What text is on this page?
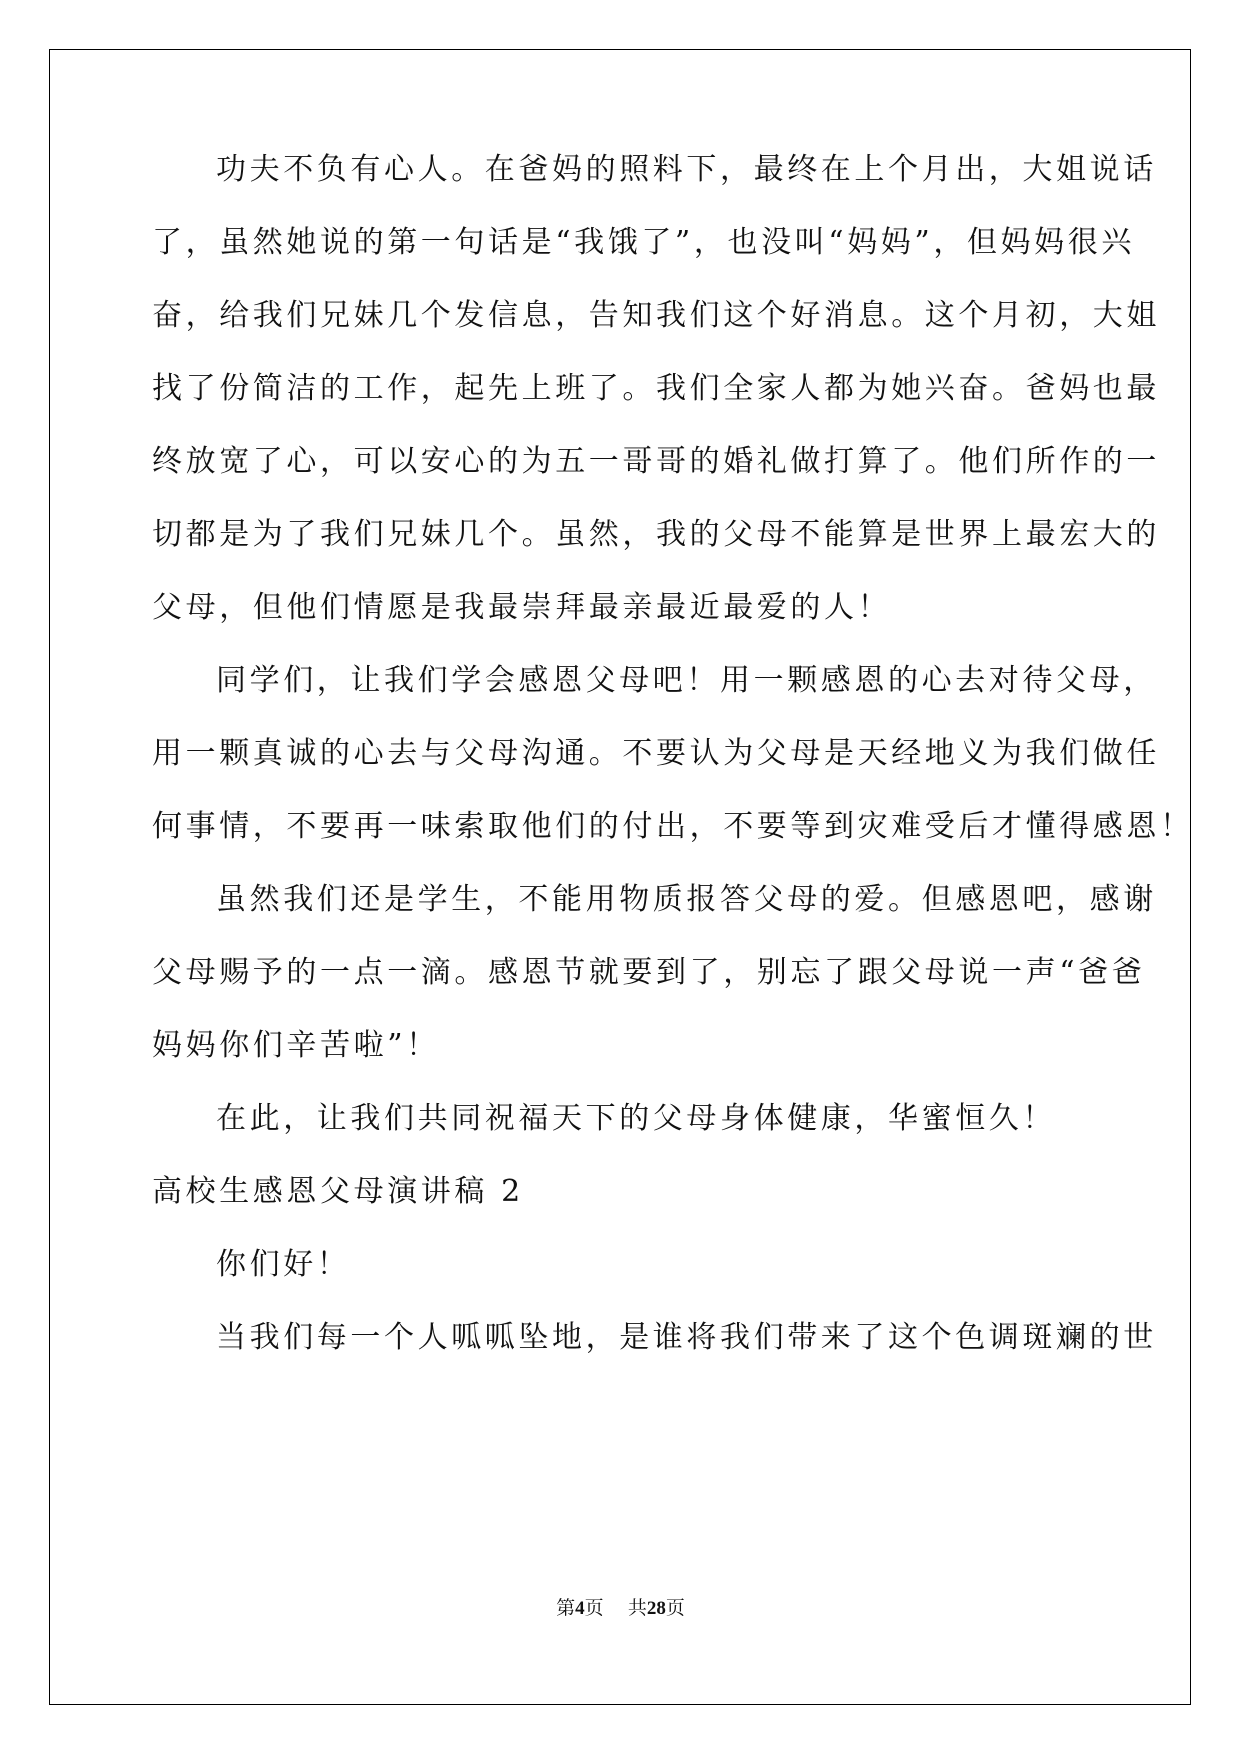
功夫不负有心人。在爸妈的照料下，最终在上个月出，大姐说话

了，虽然她说的第一句话是“我饿了”，也没叫“妈妈”，但妈妈很兴

奋，给我们兄妹几个发信息，告知我们这个好消息。这个月初，大姐

找了份简洁的工作，起先上班了。我们全家人都为她兴奋。爸妈也最

终放宽了心，可以安心的为五一哥哥的婚礼做打算了。他们所作的一

切都是为了我们兄妹几个。虽然，我的父母不能算是世界上最宏大的

父母，但他们情愿是我最崇拜最亲最近最爱的人！

同学们，让我们学会感恩父母吧！用一颗感恩的心去对待父母，

用一颗真诚的心去与父母沟通。不要认为父母是天经地义为我们做任

何事情，不要再一味索取他们的付出，不要等到灾难受后才懂得感恩！

虽然我们还是学生，不能用物质报答父母的爱。但感恩吧，感谢

父母赐予的一点一滴。感恩节就要到了，别忘了跟父母说一声“爸爸

妈妈你们辛苦啦”！

在此，让我们共同祝福天下的父母身体健康，华蜜恒久！

高校生感恩父母演讲稿 2

你们好！

当我们每一个人呱呱坠地，是谁将我们带来了这个色调斑斓的世

第4页 共28页
